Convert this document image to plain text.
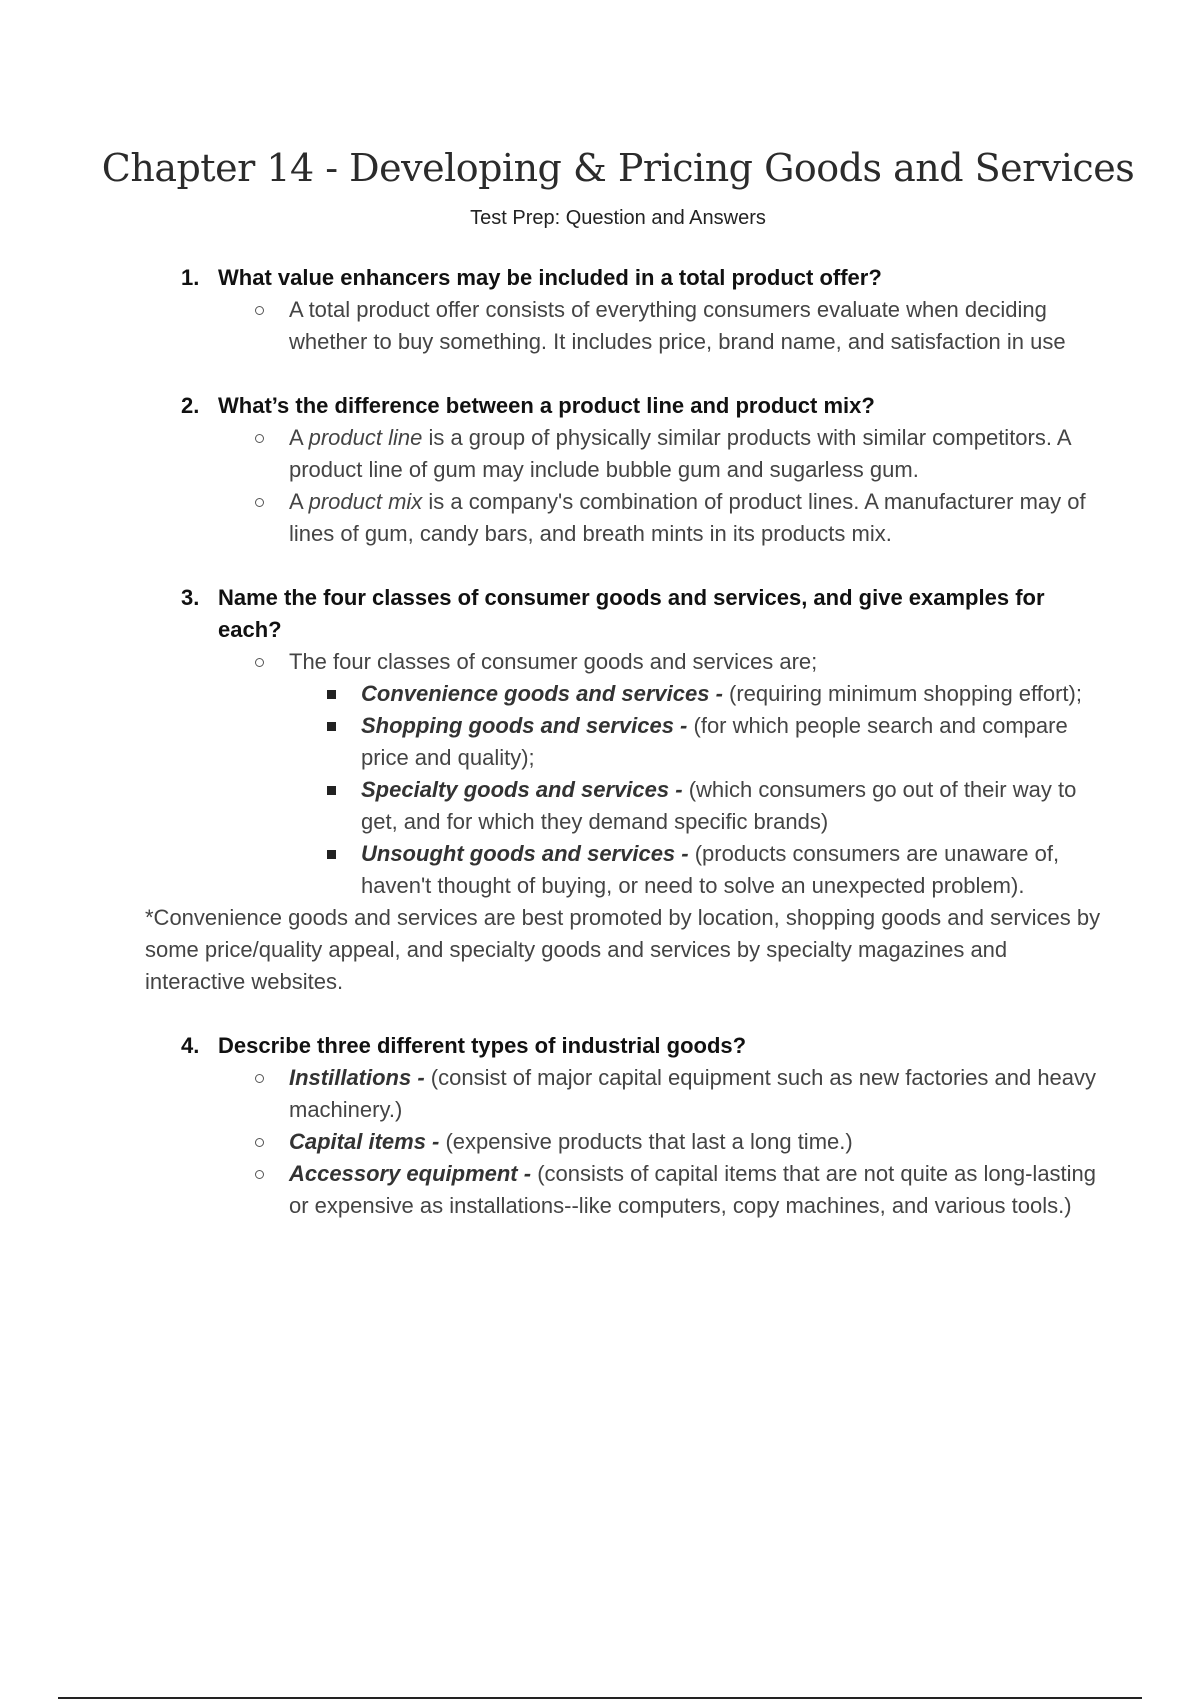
Chapter 14 - Developing & Pricing Goods and Services
Test Prep: Question and Answers
1. What value enhancers may be included in a total product offer?
A total product offer consists of everything consumers evaluate when deciding whether to buy something. It includes price, brand name, and satisfaction in use
2. What’s the difference between a product line and product mix?
A product line is a group of physically similar products with similar competitors. A product line of gum may include bubble gum and sugarless gum.
A product mix is a company's combination of product lines. A manufacturer may of lines of gum, candy bars, and breath mints in its products mix.
3. Name the four classes of consumer goods and services, and give examples for each?
The four classes of consumer goods and services are;
Convenience goods and services - (requiring minimum shopping effort);
Shopping goods and services - (for which people search and compare price and quality);
Specialty goods and services - (which consumers go out of their way to get, and for which they demand specific brands)
Unsought goods and services - (products consumers are unaware of, haven't thought of buying, or need to solve an unexpected problem).
*Convenience goods and services are best promoted by location, shopping goods and services by some price/quality appeal, and specialty goods and services by specialty magazines and interactive websites.
4. Describe three different types of industrial goods?
Instillations - (consist of major capital equipment such as new factories and heavy machinery.)
Capital items - (expensive products that last a long time.)
Accessory equipment - (consists of capital items that are not quite as long-lasting or expensive as installations--like computers, copy machines, and various tools.)
